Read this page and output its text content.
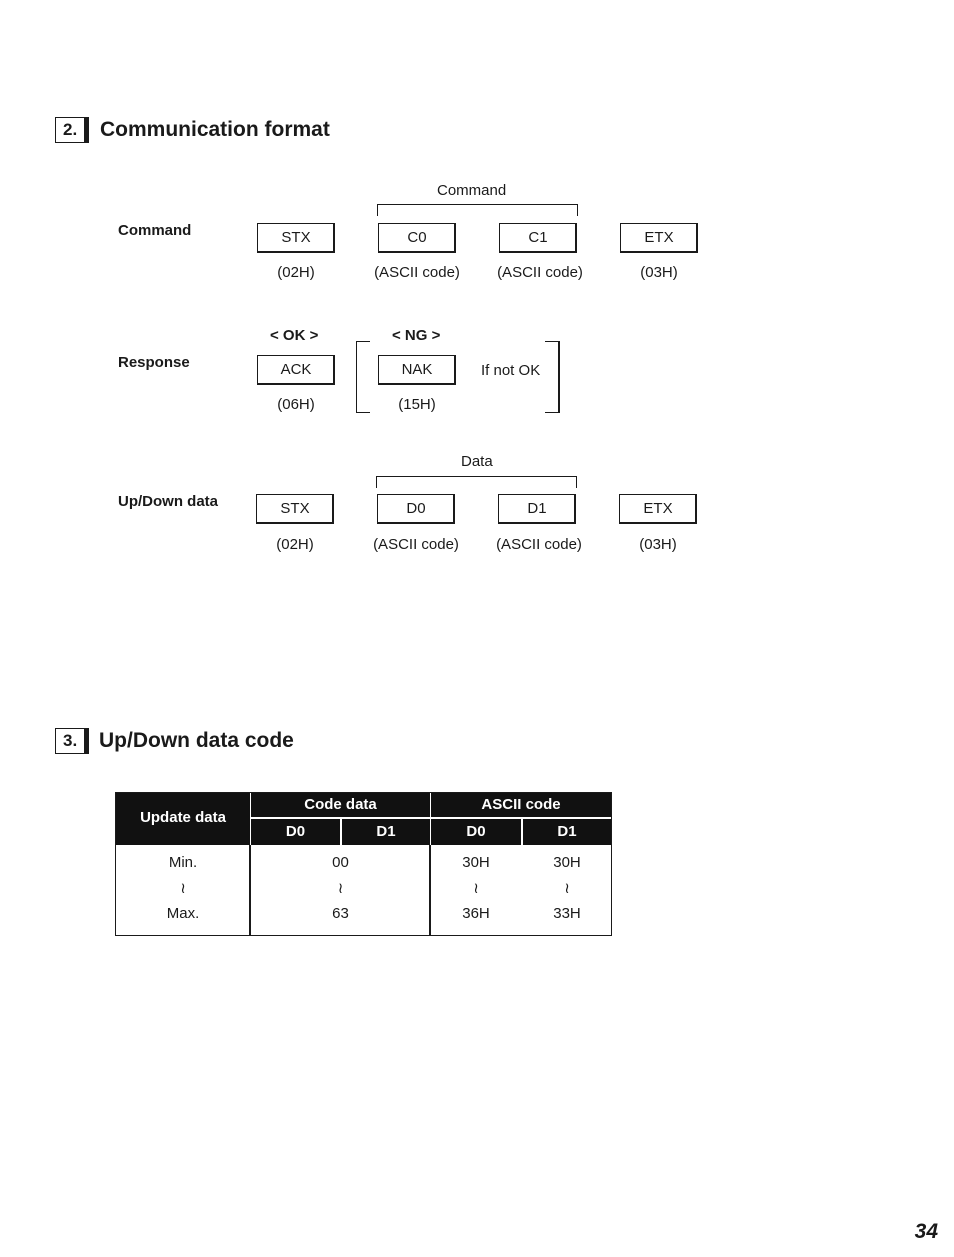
2.	Communication format
Command
Command
STX	C0	C1	ETX
(02H)	(ASCII code)	(ASCII code)	(03H)
Response
< OK >	< NG >
ACK	NAK	If not OK
(06H)	(15H)
Up/Down data
Data
STX	D0	D1	ETX
(02H)	(ASCII code)	(ASCII code)	(03H)
3.	Up/Down data code
Update data
Code data	ASCII code
D0	D1	D0	D1
Min.	00	30H	30H
≀	≀	≀	≀
Max.	63	36H	33H
34
